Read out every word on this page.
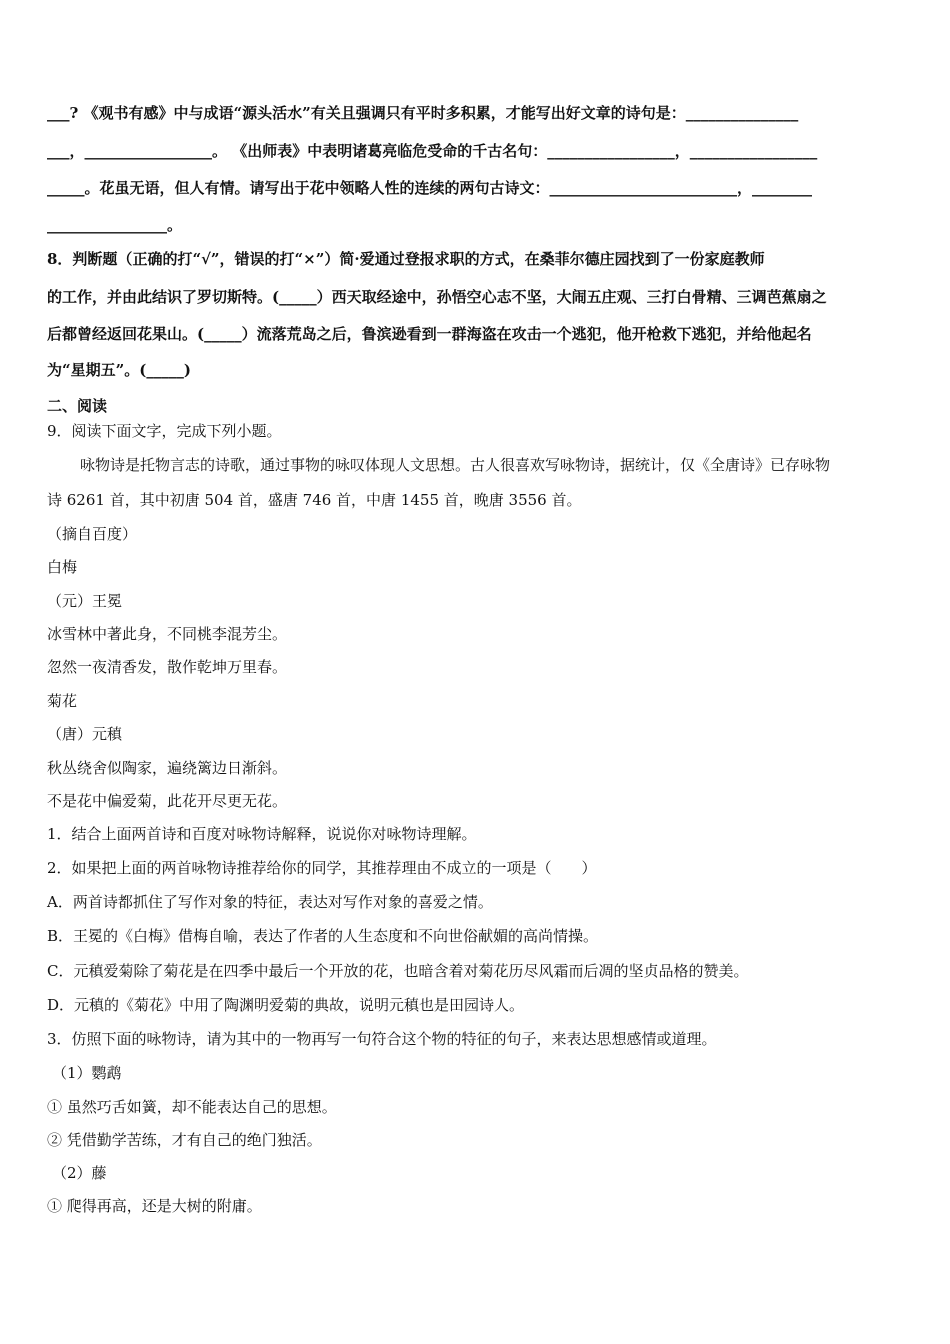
___? 《观书有感》中与成语“源头活水”有关且强调只有平时多积累，才能写出好文章的诗句是：_______________
___，_________________。 《出师表》中表明诸葛亮临危受命的千古名句：_________________，_________________
_____。花虽无语，但人有情。请写出于花中领略人性的连续的两句古诗文：_________________________，________
________________。
8．判断题（正确的打“√”，错误的打“×”）简·爱通过登报求职的方式，在桑菲尔德庄园找到了一份家庭教师
的工作，并由此结识了罗切斯特。(_____）西天取经途中，孙悟空心志不坚，大闹五庄观、三打白骨精、三调芭蕉扇之
后都曾经返回花果山。(_____）流落荒岛之后，鲁滨逊看到一群海盗在攻击一个逃犯，他开枪救下逃犯，并给他起名
为“星期五”。(_____)
二、阅读
9．阅读下面文字，完成下列小题。
咏物诗是托物言志的诗歌，通过事物的咏叹体现人文思想。古人很喜欢写咏物诗，据统计，仅《全唐诗》已存咏物
诗 6261 首，其中初唐 504 首，盛唐 746 首，中唐 1455 首，晚唐 3556 首。
（摘自百度）
白梅
（元）王冕
冰雪林中著此身，不同桃李混芳尘。
忽然一夜清香发，散作乾坤万里春。
菊花
（唐）元稹
秋丛绕舍似陶家，遍绕篱边日渐斜。
不是花中偏爱菊，此花开尽更无花。
1．结合上面两首诗和百度对咏物诗解释，说说你对咏物诗理解。
2．如果把上面的两首咏物诗推荐给你的同学，其推荐理由不成立的一项是（　　）
A．两首诗都抓住了写作对象的特征，表达对写作对象的喜爱之情。
B．王冕的《白梅》借梅自喻，表达了作者的人生态度和不向世俗献媚的高尚情操。
C．元稹爱菊除了菊花是在四季中最后一个开放的花，也暗含着对菊花历尽风霜而后凋的坚贞品格的赞美。
D．元稹的《菊花》中用了陶渊明爱菊的典故，说明元稹也是田园诗人。
3．仿照下面的咏物诗，请为其中的一物再写一句符合这个物的特征的句子，来表达思想感情或道理。
（1）鹦鹉
① 虽然巧舌如簧，却不能表达自己的思想。
② 凭借勤学苦练，才有自己的绝门独活。
（2）藤
① 爬得再高，还是大树的附庸。
